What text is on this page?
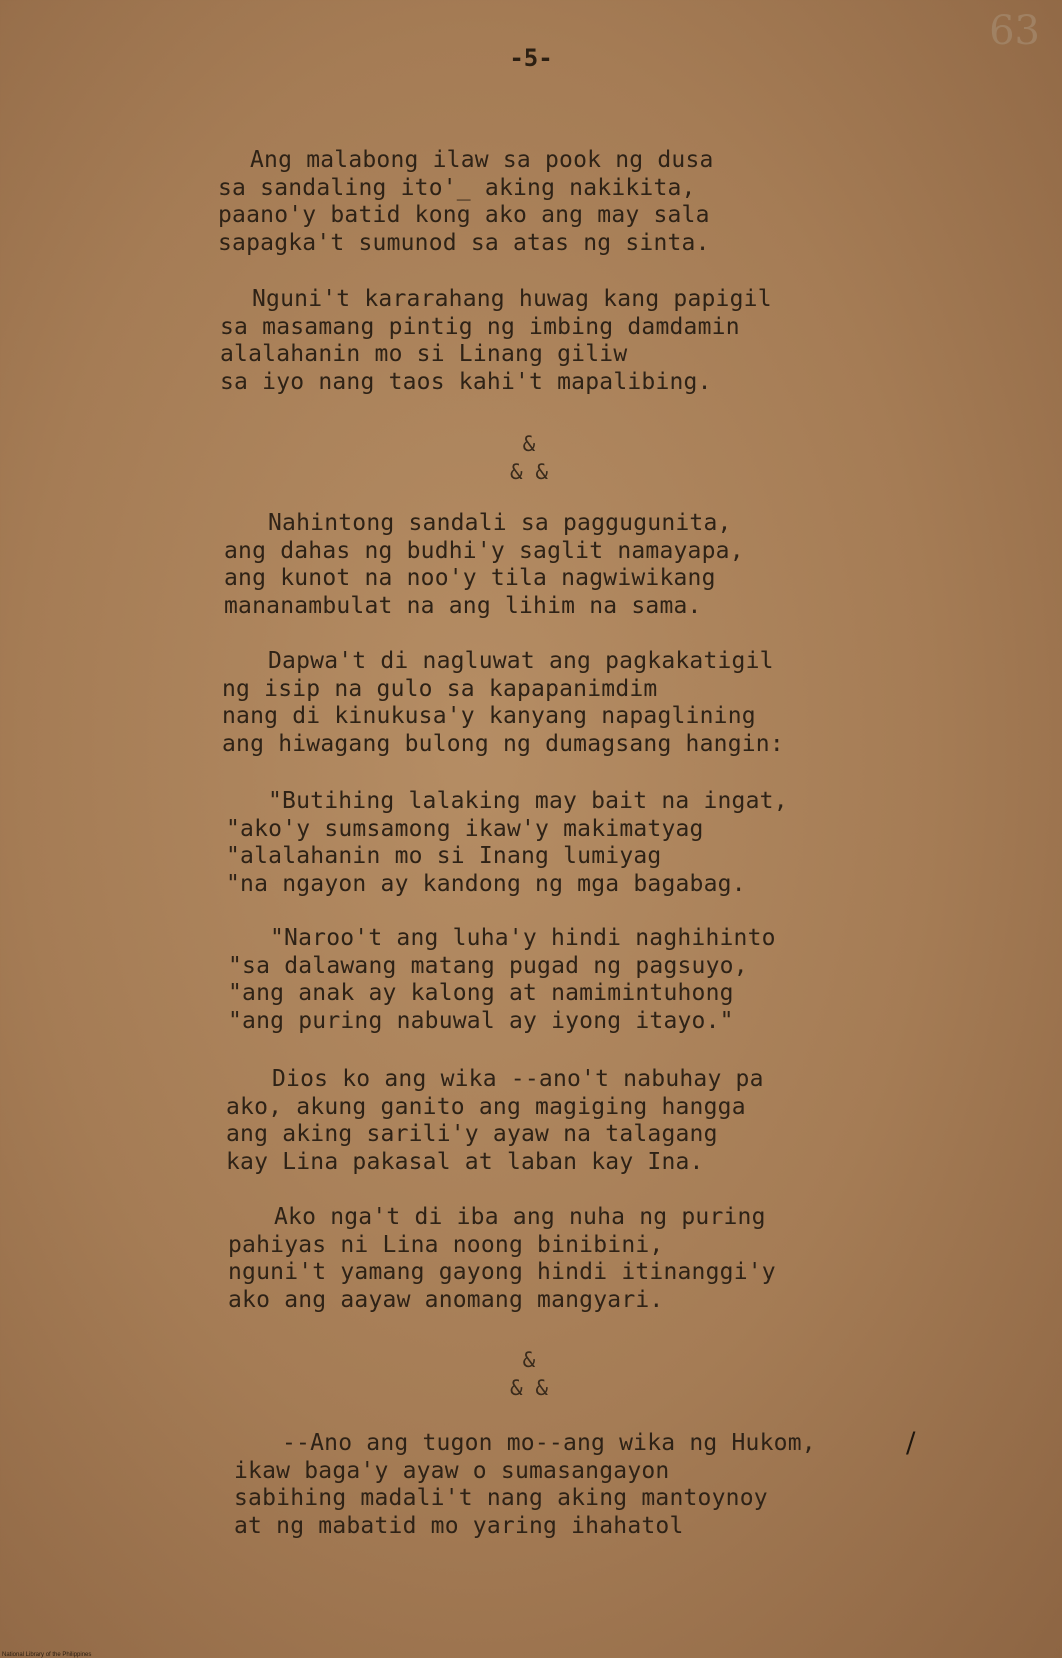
-5-
63
Ang malabong ilaw sa pook ng dusa
sa sandaling ito'_ aking nakikita,
paano'y batid kong ako ang may sala
sapagka't sumunod sa atas ng sinta.
Nguni't kararahang huwag kang papigil
sa masamang pintig ng imbing damdamin
alalahanin mo si Linang giliw
sa iyo nang taos kahi't mapalibing.
&
& &
Nahintong sandali sa paggugunita,
ang dahas ng budhi'y saglit namayapa,
ang kunot na noo'y tila nagwiwikang
mananambulat na ang lihim na sama.
Dapwa't di nagluwat ang pagkakatigil
ng isip na gulo sa kapapanimdim
nang di kinukusa'y kanyang napaglining
ang hiwagang bulong ng dumagsang hangin:
"Butihing lalaking may bait na ingat,
"ako'y sumsamong ikaw'y makimatyag
"alalahanin mo si Inang lumiyag
"na ngayon ay kandong ng mga bagabag.
"Naroo't ang luha'y hindi naghihinto
"sa dalawang matang pugad ng pagsuyo,
"ang anak ay kalong at namimintuhong
"ang puring nabuwal ay iyong itayo."
Dios ko ang wika --ano't nabuhay pa
ako, akung ganito ang magiging hangga
ang aking sarili'y ayaw na talagang
kay Lina pakasal at laban kay Ina.
Ako nga't di iba ang nuha ng puring
pahiyas ni Lina noong binibini,
nguni't yamang gayong hindi itinanggi'y
ako ang aayaw anomang mangyari.
&
& &
--Ano ang tugon mo--ang wika ng Hukom,
ikaw baga'y ayaw o sumasangayon
sabihing madali't nang aking mantoynoy
at ng mabatid mo yaring ihahatol
/
National Library of the Philippines
